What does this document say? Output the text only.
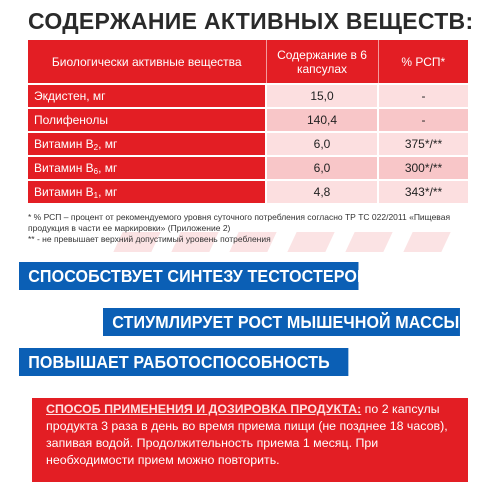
СОДЕРЖАНИЕ АКТИВНЫХ ВЕЩЕСТВ:
Биологически активные вещества	Содержание в 6 капсулах	% РСП*
Экдистен, мг	15,0	-
Полифенолы	140,4	-
Витамин $B_2$, мг	6,0	375*/**
Витамин $B_6$, мг	6,0	300*/**
Витамин $B_1$, мг	4,8	343*/**

* % РСП – процент от рекомендуемого уровня суточного потребления согласно ТР ТС 022/2011 «Пищевая продукция в части ее маркировки» (Приложение 2)

** - не превышает верхний допустимый уровень потребления

СПОСОБСТВУЕТ СИНТЕЗУ ТЕСТОСТЕРОНА
СТИУМЛИРУЕТ РОСТ МЫШЕЧНОЙ МАССЫ
ПОВЫШАЕТ РАБОТОСПОСОБНОСТЬ
СПОСОБ ПРИМЕНЕНИЯ И ДОЗИРОВКА ПРОДУКТА: по 2 капсулы продукта 3 раза в день во время приема пищи (не позднее 18 часов), запивая водой. Продолжительность приема 1 месяц. При необходимости прием можно повторить.
